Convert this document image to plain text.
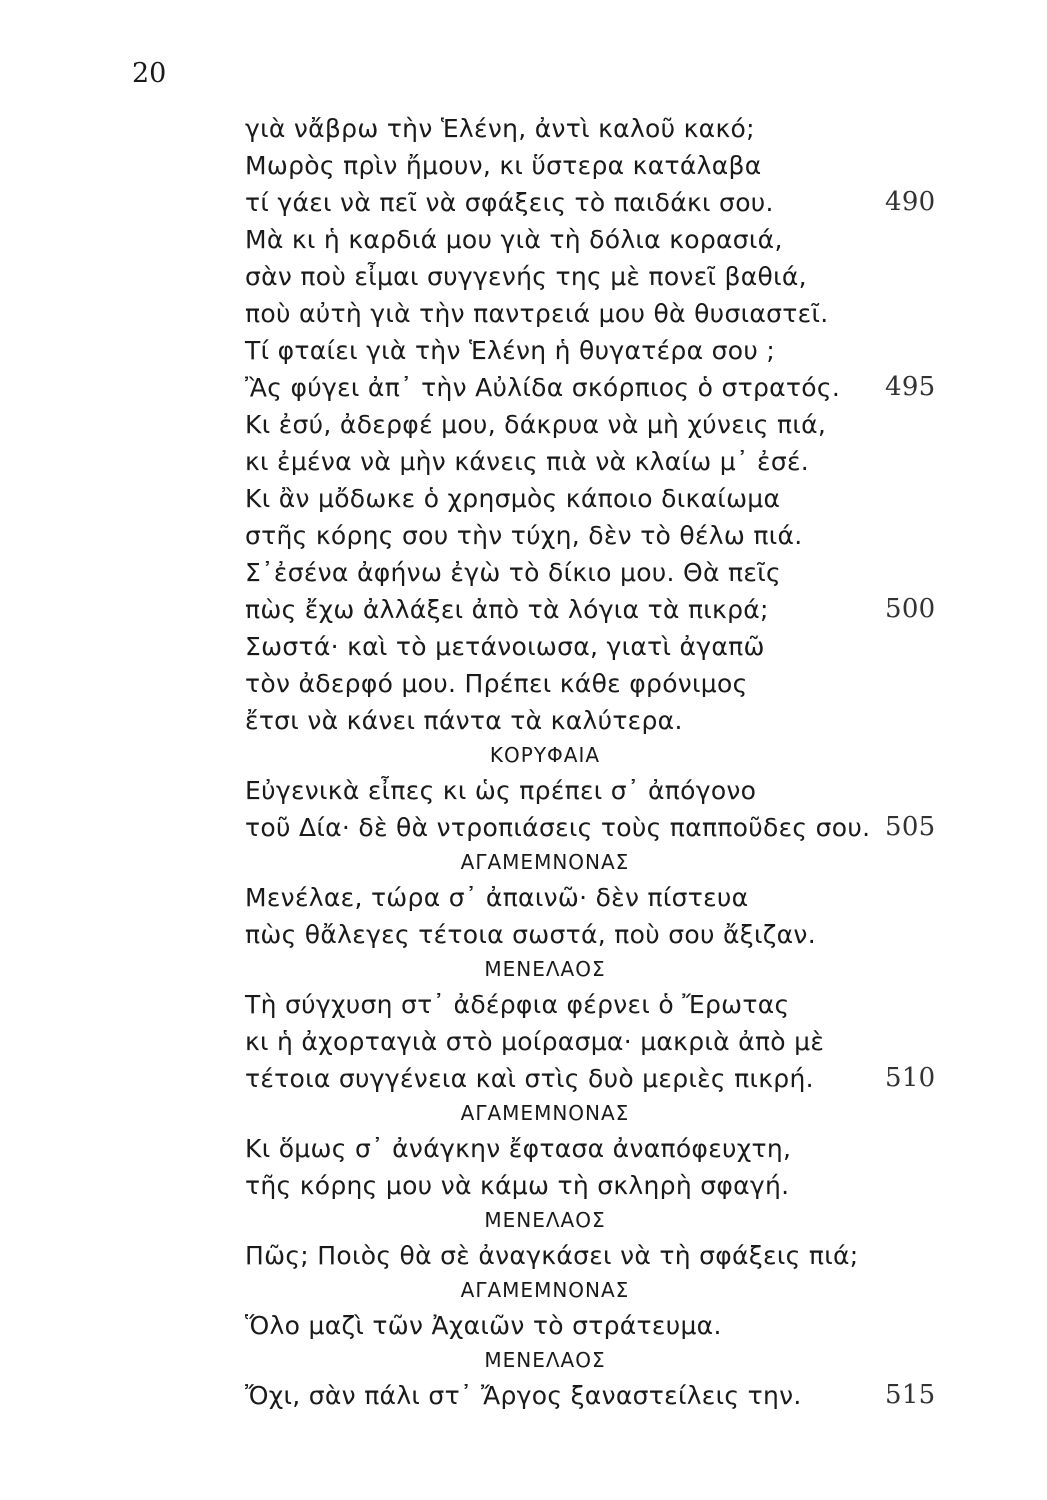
20
γιὰ νἄβρω τὴν Ἑλένη, ἀντὶ καλοῦ κακό;
Μωρὸς πρὶν ἤμουν, κι ὕστερα κατάλαβα
τί γάει νὰ πεῖ νὰ σφάξεις τὸ παιδάκι σου.	490
Μὰ κι ἡ καρδιά μου γιὰ τὴ δόλια κορασιά,
σὰν ποὺ εἶμαι συγγενής της μὲ πονεῖ βαθιά,
ποὺ αὐτὴ γιὰ τὴν παντρειά μου θὰ θυσιαστεῖ.
Τί φταίει γιὰ τὴν Ἑλένη ἡ θυγατέρα σου ;
Ἂς φύγει ἀπ᾽ τὴν Αὐλίδα σκόρπιος ὁ στρατός. 495
Κι ἐσύ, ἀδερφέ μου, δάκρυα νὰ μὴ χύνεις πιά,
κι ἐμένα νὰ μὴν κάνεις πιὰ νὰ κλαίω μ᾽ ἐσέ.
Κι ἂν μὄδωκε ὁ χρησμὸς κάποιο δικαίωμα
στῆς κόρης σου τὴν τύχη, δὲν τὸ θέλω πιά.
Σ᾽ἐσένα ἀφήνω ἐγὼ τὸ δίκιο μου. Θὰ πεῖς
πὼς ἔχω ἀλλάξει ἀπὸ τὰ λόγια τὰ πικρά;	500
Σωστά· καὶ τὸ μετάνοιωσα, γιατὶ ἀγαπῶ
τὸν ἀδερφό μου. Πρέπει κάθε φρόνιμος
ἔτσι νὰ κάνει πάντα τὰ καλύτερα.
ΚΟΡΥΦΑΙΑ
Εὐγενικὰ εἶπες κι ὡς πρέπει σ᾽ ἀπόγονο
τοῦ Δία· δὲ θὰ ντροπιάσεις τοὺς παπποῦδες σου. 505
ΑΓΑΜΕΜΝΟΝΑΣ
Μενέλαε, τώρα σ᾽ ἀπαινῶ· δὲν πίστευα
πὼς θἄλεγες τέτοια σωστά, ποὺ σου ἄξιζαν.
ΜΕΝΕΛΑΟΣ
Τὴ σύγχυση στ᾽ ἀδέρφια φέρνει ὁ Ἔρωτας
κι ἡ ἀχορταγιὰ στὸ μοίρασμα· μακριὰ ἀπὸ μὲ
τέτοια συγγένεια καὶ στὶς δυὸ μεριὲς πικρή.	510
ΑΓΑΜΕΜΝΟΝΑΣ
Κι ὅμως σ᾽ ἀνάγκην ἔφτασα ἀναπόφευχτη,
τῆς κόρης μου νὰ κάμω τὴ σκληρὴ σφαγή.
ΜΕΝΕΛΑΟΣ
Πῶς; Ποιὸς θὰ σὲ ἀναγκάσει νὰ τὴ σφάξεις πιά;
ΑΓΑΜΕΜΝΟΝΑΣ
Ὅλο μαζὶ τῶν Ἀχαιῶν τὸ στράτευμα.
ΜΕΝΕΛΑΟΣ
Ὄχι, σὰν πάλι στ᾽ Ἄργος ξαναστείλεις την.	515
